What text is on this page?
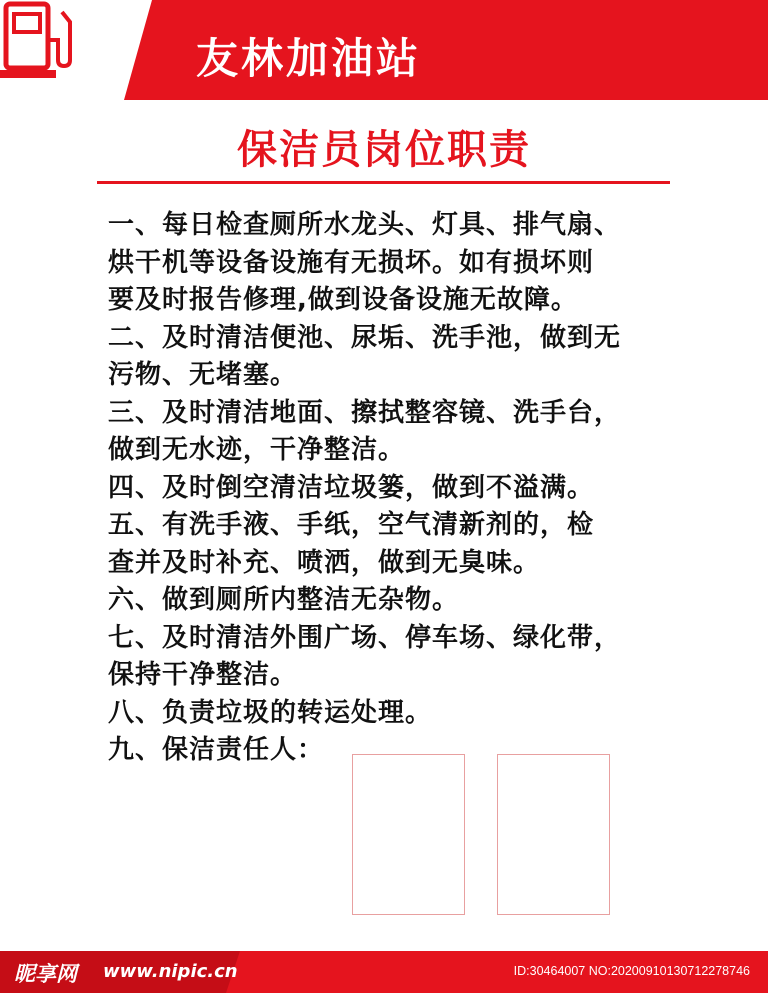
友林加油站
保洁员岗位职责
一、每日检查厕所水龙头、灯具、排气扇、
烘干机等设备设施有无损坏。如有损坏则
要及时报告修理,做到设备设施无故障。
二、及时清洁便池、尿垢、洗手池，做到无
污物、无堵塞。
三、及时清洁地面、擦拭整容镜、洗手台，
做到无水迹，干净整洁。
四、及时倒空清洁垃圾篓，做到不溢满。
五、有洗手液、手纸，空气清新剂的，检
查并及时补充、喷洒，做到无臭味。
六、做到厕所内整洁无杂物。
七、及时清洁外围广场、停车场、绿化带，
保持干净整洁。
八、负责垃圾的转运处理。
九、保洁责任人：
昵享网 www.nipic.cn	ID:30464007 NO:20200910130712278746
